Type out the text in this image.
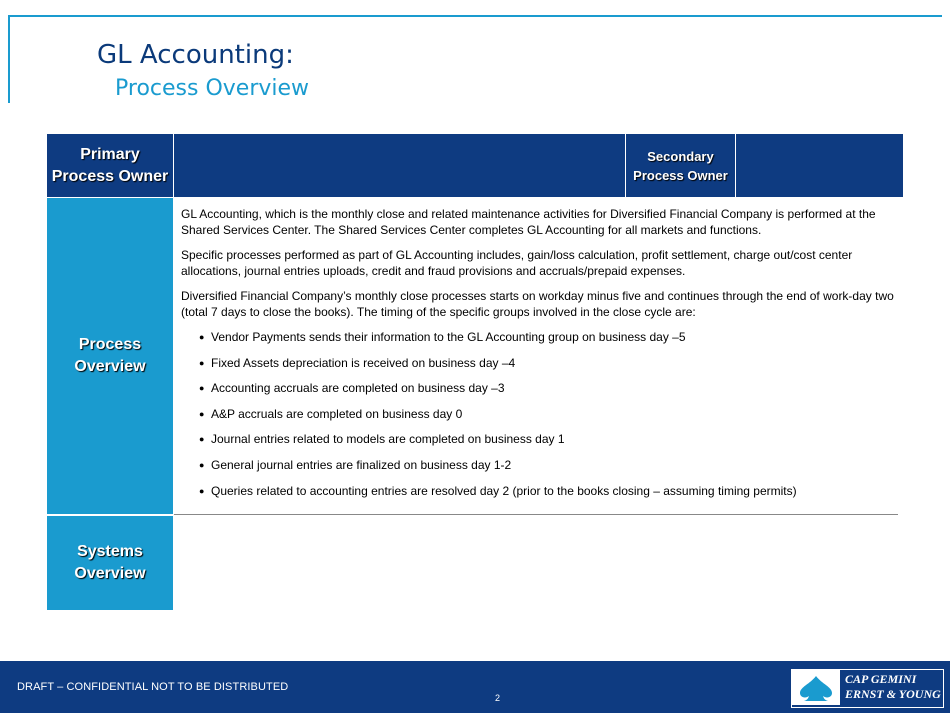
GL Accounting:
Process Overview
Primary Process Owner
Secondary Process Owner
Process Overview
Systems Overview

GL Accounting, which is the monthly close and related maintenance activities for Diversified Financial Company is performed at the Shared Services Center. The Shared Services Center completes GL Accounting for all markets and functions.

Specific processes performed as part of GL Accounting includes, gain/loss calculation, profit settlement, charge out/cost center allocations, journal entries uploads, credit and fraud provisions and accruals/prepaid expenses.

Diversified Financial Company’s monthly close processes starts on workday minus five and continues through the end of work-day two (total 7 days to close the books). The timing of the specific groups involved in the close cycle are:

● Vendor Payments sends their information to the GL Accounting group on business day –5
● Fixed Assets depreciation is received on business day –4
● Accounting accruals are completed on business day –3
● A&P accruals are completed on business day 0
● Journal entries related to models are completed on business day 1
● General journal entries are finalized on business day 1-2
● Queries related to accounting entries are resolved day 2 (prior to the books closing – assuming timing permits)
DRAFT – CONFIDENTIAL NOT TO BE DISTRIBUTED
2
CAP GEMINI
ERNST & YOUNG
